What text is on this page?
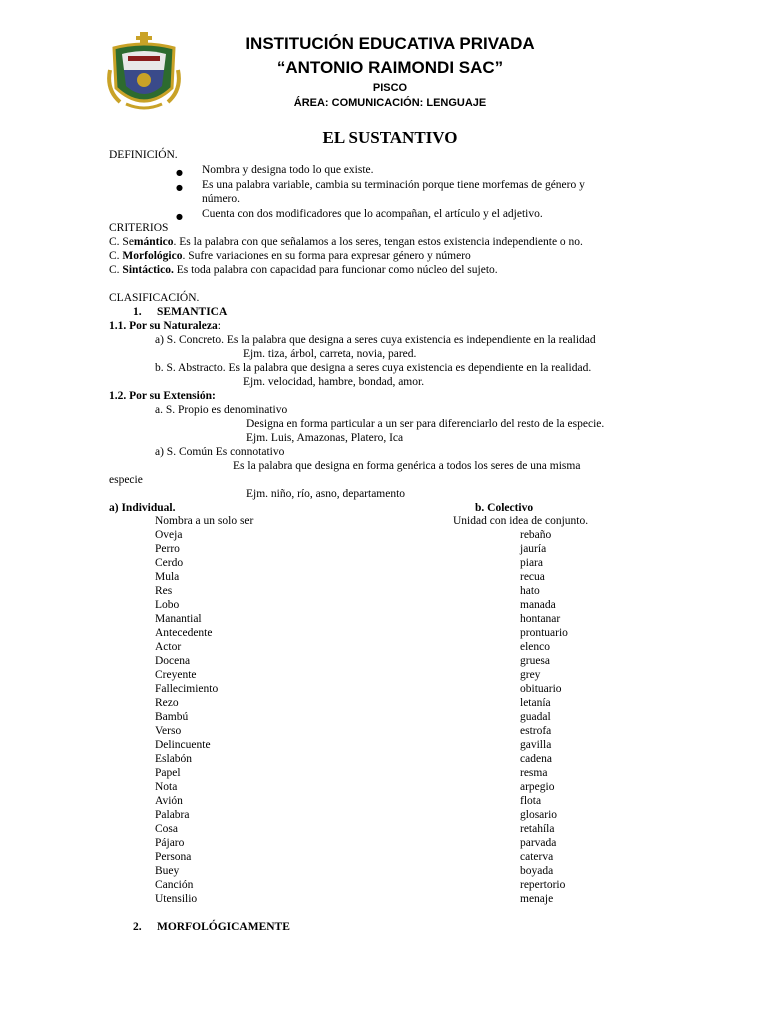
INSTITUCIÓN EDUCATIVA PRIVADA
“ANTONIO RAIMONDI SAC”
PISCO
ÁREA: COMUNICACIÓN: LENGUAJE
EL SUSTANTIVO
DEFINICIÓN.
● Nombra y designa todo lo que existe.
● Es una palabra variable, cambia su terminación porque tiene morfemas de género y
número.
● Cuenta con dos modificadores que lo acompañan, el artículo y el adjetivo.
CRITERIOS
C. Semántico. Es la palabra con que señalamos a los seres, tengan estos existencia independiente o no.
C. Morfológico. Sufre variaciones en su forma para expresar género y número
C. Sintáctico. Es toda palabra con capacidad para funcionar como núcleo del sujeto.
CLASIFICACIÓN.
1. SEMANTICA
1.1. Por su Naturaleza:
a) S. Concreto. Es la palabra que designa a seres cuya existencia es independiente en la realidad
Ejm. tiza, árbol, carreta, novia, pared.
b. S. Abstracto. Es la palabra que designa a seres cuya existencia es dependiente en la realidad.
Ejm. velocidad, hambre, bondad, amor.
1.2. Por su Extensión:
a. S. Propio es denominativo
Designa en forma particular a un ser para diferenciarlo del resto de la especie.
Ejm. Luis, Amazonas, Platero, Ica
a) S. Común Es connotativo
Es la palabra que designa en forma genérica a todos los seres de una misma
especie
Ejm. niño, río, asno, departamento
a) Individual.	b. Colectivo
Nombra a un solo ser	Unidad con idea de conjunto.
Oveja
Perro
Cerdo
Mula
Res
Lobo
Manantial
Antecedente
Actor
Docena
Creyente
Fallecimiento
Rezo
Bambú
Verso
Delincuente
Eslabón
Papel
Nota
Avión
Palabra
Cosa
Pájaro
Persona
Buey
Canción
Utensilio
rebaño
jauría
piara
recua
hato
manada
hontanar
prontuario
elenco
gruesa
grey
obituario
letanía
guadal
estrofa
gavilla
cadena
resma
arpegio
flota
glosario
retahíla
parvada
caterva
boyada
repertorio
menaje
2. MORFOLÓGICAMENTE
